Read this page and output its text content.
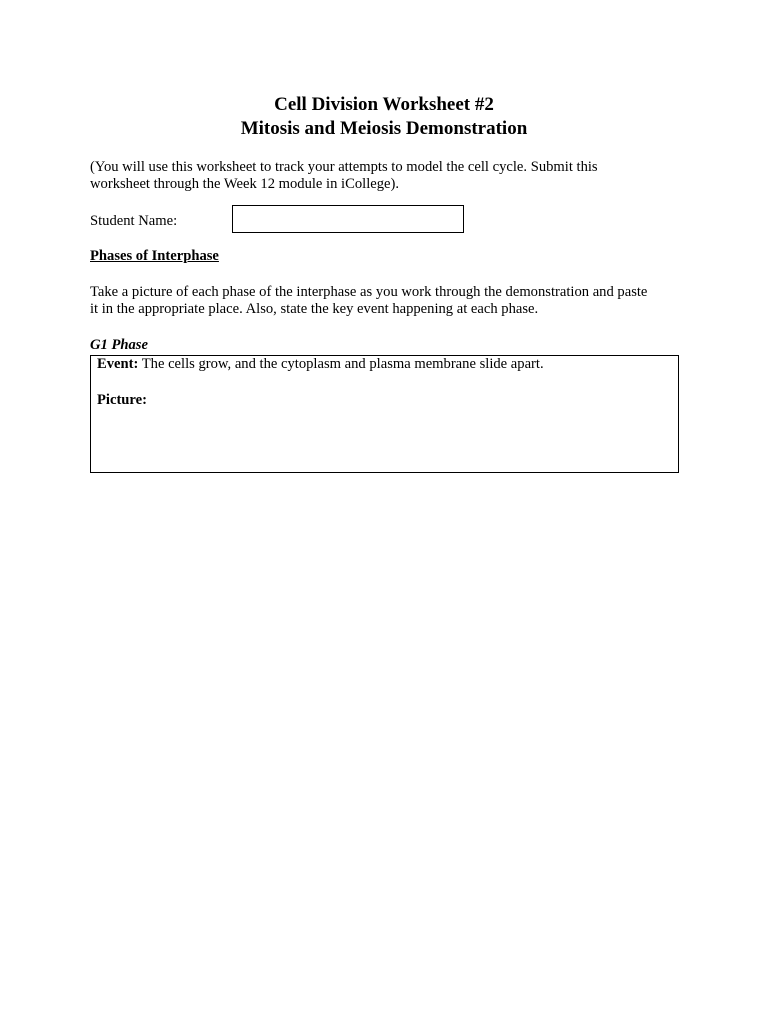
Cell Division Worksheet #2
Mitosis and Meiosis Demonstration
(You will use this worksheet to track your attempts to model the cell cycle. Submit this
worksheet through the Week 12 module in iCollege).
Student Name:
Phases of Interphase
Take a picture of each phase of the interphase as you work through the demonstration and paste
it in the appropriate place. Also, state the key event happening at each phase.
G1 Phase
Event: The cells grow, and the cytoplasm and plasma membrane slide apart.
Picture:
